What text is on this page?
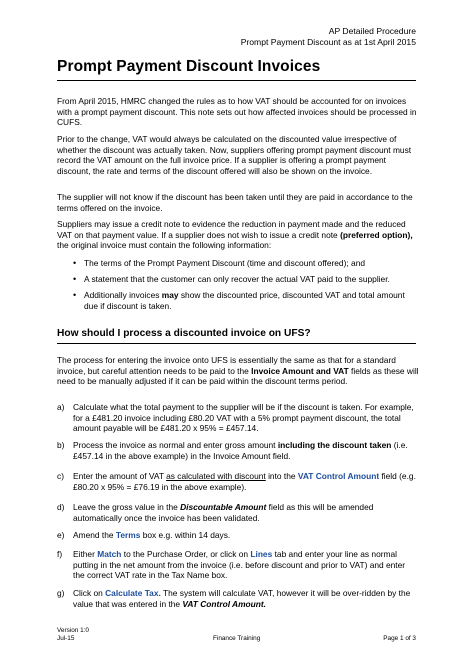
AP Detailed Procedure
Prompt Payment Discount as at 1st April 2015
Prompt Payment Discount Invoices

From April 2015, HMRC changed the rules as to how VAT should be accounted for on invoices with a prompt payment discount. This note sets out how affected invoices should be processed in CUFS.

Prior to the change, VAT would always be calculated on the discounted value irrespective of whether the discount was actually taken. Now, suppliers offering prompt payment discount must record the VAT amount on the full invoice price. If a supplier is offering a prompt payment discount, the rate and terms of the discount offered will also be shown on the invoice.

The supplier will not know if the discount has been taken until they are paid in accordance to the terms offered on the invoice.

Suppliers may issue a credit note to evidence the reduction in payment made and the reduced VAT on that payment value. If a supplier does not wish to issue a credit note (preferred option), the original invoice must contain the following information:

• The terms of the Prompt Payment Discount (time and discount offered); and

• A statement that the customer can only recover the actual VAT paid to the supplier.

• Additionally invoices may show the discounted price, discounted VAT and total amount due if discount is taken.

How should I process a discounted invoice on UFS?

The process for entering the invoice onto UFS is essentially the same as that for a standard invoice, but careful attention needs to be paid to the Invoice Amount and VAT fields as these will need to be manually adjusted if it can be paid within the discount terms period.

a) Calculate what the total payment to the supplier will be if the discount is taken. For example, for a £481.20 invoice including £80.20 VAT with a 5% prompt payment discount, the total amount payable will be £481.20 x 95% = £457.14.

b) Process the invoice as normal and enter gross amount including the discount taken (i.e. £457.14 in the above example) in the Invoice Amount field.

c) Enter the amount of VAT as calculated with discount into the VAT Control Amount field (e.g. £80.20 x 95% = £76.19 in the above example).

d) Leave the gross value in the Discountable Amount field as this will be amended automatically once the invoice has been validated.

e) Amend the Terms box e.g. within 14 days.

f) Either Match to the Purchase Order, or click on Lines tab and enter your line as normal putting in the net amount from the invoice (i.e. before discount and prior to VAT) and enter the correct VAT rate in the Tax Name box.

g) Click on Calculate Tax. The system will calculate VAT, however it will be over-ridden by the value that was entered in the VAT Control Amount.

Version 1:0
Jul-15	Finance Training	Page 1 of 3
